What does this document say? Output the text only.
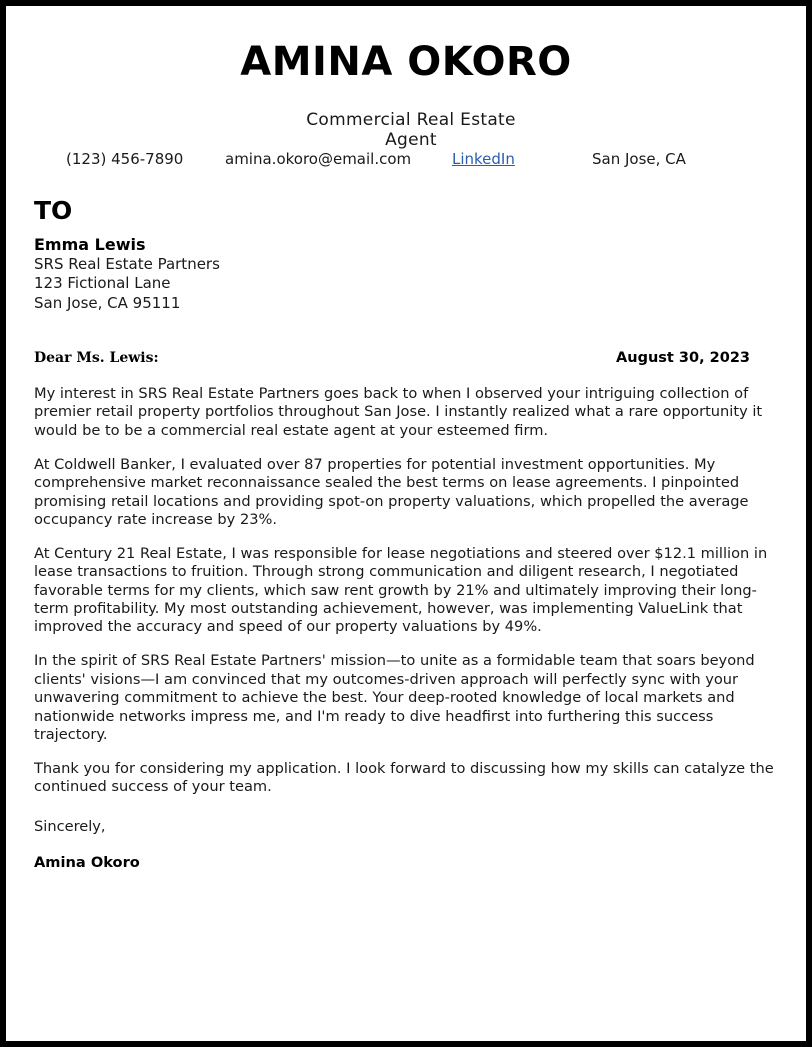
AMINA OKORO
Commercial Real Estate
Agent
(123) 456-7890	amina.okoro@email.com	LinkedIn	San Jose, CA
TO
Emma Lewis
SRS Real Estate Partners
123 Fictional Lane
San Jose, CA 95111
Dear Ms. Lewis:	August 30, 2023

My interest in SRS Real Estate Partners goes back to when I observed your intriguing collection of premier retail property portfolios throughout San Jose. I instantly realized what a rare opportunity it would be to be a commercial real estate agent at your esteemed firm.

At Coldwell Banker, I evaluated over 87 properties for potential investment opportunities. My comprehensive market reconnaissance sealed the best terms on lease agreements. I pinpointed promising retail locations and providing spot-on property valuations, which propelled the average occupancy rate increase by 23%.

At Century 21 Real Estate, I was responsible for lease negotiations and steered over $12.1 million in lease transactions to fruition. Through strong communication and diligent research, I negotiated favorable terms for my clients, which saw rent growth by 21% and ultimately improving their long-term profitability. My most outstanding achievement, however, was implementing ValueLink that improved the accuracy and speed of our property valuations by 49%.

In the spirit of SRS Real Estate Partners' mission—to unite as a formidable team that soars beyond clients' visions—I am convinced that my outcomes-driven approach will perfectly sync with your unwavering commitment to achieve the best. Your deep-rooted knowledge of local markets and nationwide networks impress me, and I'm ready to dive headfirst into furthering this success trajectory.

Thank you for considering my application. I look forward to discussing how my skills can catalyze the continued success of your team.

Sincerely,
Amina Okoro
